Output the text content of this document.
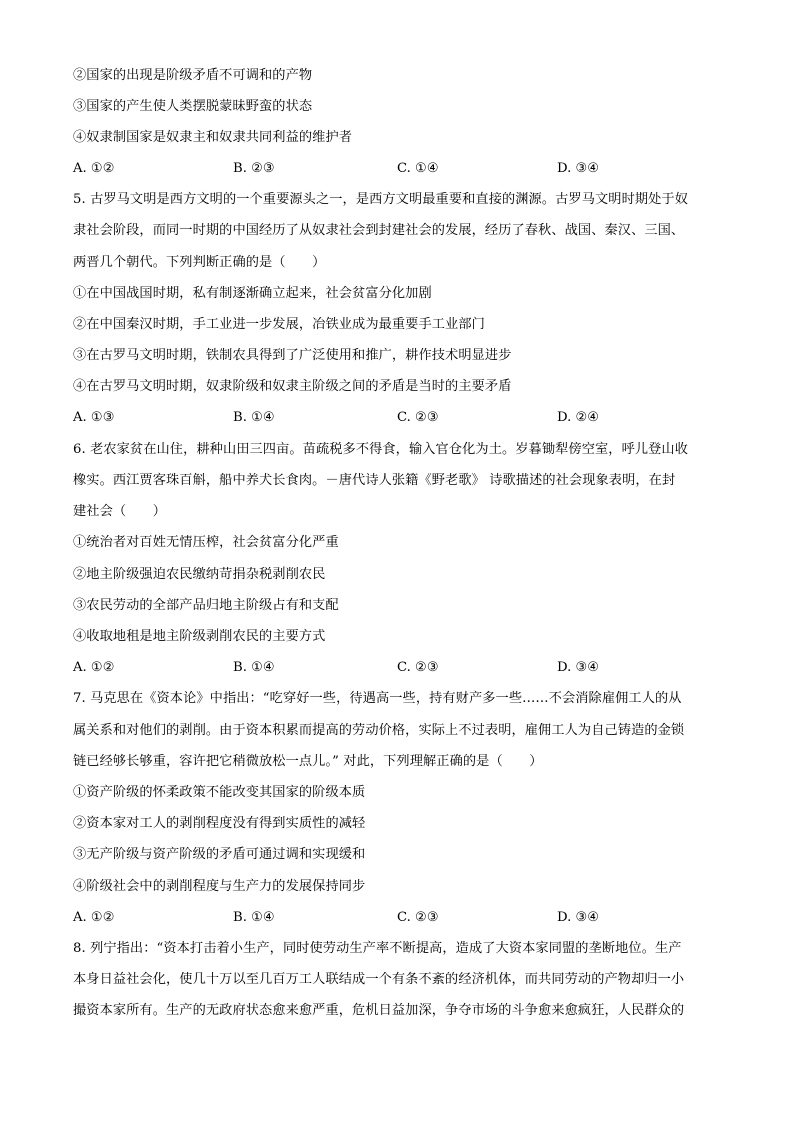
②国家的出现是阶级矛盾不可调和的产物
③国家的产生使人类摆脱蒙昧野蛮的状态
④奴隶制国家是奴隶主和奴隶共同利益的维护者
A. ①②	B. ②③	C. ①④	D. ③④
5. 古罗马文明是西方文明的一个重要源头之一，是西方文明最重要和直接的渊源。古罗马文明时期处于奴
隶社会阶段，而同一时期的中国经历了从奴隶社会到封建社会的发展，经历了春秋、战国、秦汉、三国、
两晋几个朝代。下列判断正确的是（　　）
①在中国战国时期，私有制逐渐确立起来，社会贫富分化加剧
②在中国秦汉时期，手工业进一步发展，冶铁业成为最重要手工业部门
③在古罗马文明时期，铁制农具得到了广泛使用和推广，耕作技术明显进步
④在古罗马文明时期，奴隶阶级和奴隶主阶级之间的矛盾是当时的主要矛盾
A. ①③	B. ①④	C. ②③	D. ②④
6. 老农家贫在山住，耕种山田三四亩。苗疏税多不得食，输入官仓化为土。岁暮锄犁傍空室，呼儿登山收
橡实。西江贾客珠百斛，船中养犬长食肉。－唐代诗人张籍《野老歌》 诗歌描述的社会现象表明，在封
建社会（　　）
①统治者对百姓无情压榨，社会贫富分化严重
②地主阶级强迫农民缴纳苛捐杂税剥削农民
③农民劳动的全部产品归地主阶级占有和支配
④收取地租是地主阶级剥削农民的主要方式
A. ①②	B. ①④	C. ②③	D. ③④
7. 马克思在《资本论》中指出：“吃穿好一些，待遇高一些，持有财产多一些……不会消除雇佣工人的从
属关系和对他们的剥削。由于资本积累而提高的劳动价格，实际上不过表明，雇佣工人为自己铸造的金锁
链已经够长够重，容许把它稍微放松一点儿。” 对此，下列理解正确的是（　　）
①资产阶级的怀柔政策不能改变其国家的阶级本质
②资本家对工人的剥削程度没有得到实质性的减轻
③无产阶级与资产阶级的矛盾可通过调和实现缓和
④阶级社会中的剥削程度与生产力的发展保持同步
A. ①②	B. ①④	C. ②③	D. ③④
8. 列宁指出：“资本打击着小生产，同时使劳动生产率不断提高，造成了大资本家同盟的垄断地位。生产
本身日益社会化，使几十万以至几百万工人联结成一个有条不紊的经济机体，而共同劳动的产物却归一小
撮资本家所有。生产的无政府状态愈来愈严重，危机日益加深，争夺市场的斗争愈来愈疯狂，人民群众的
